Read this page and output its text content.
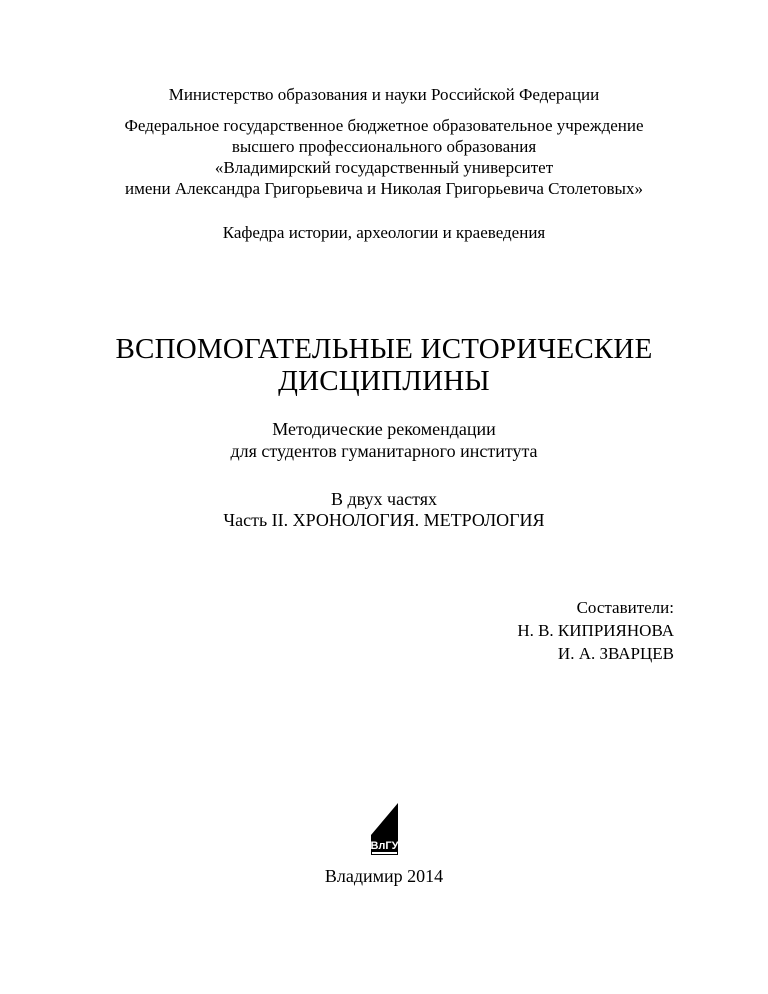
Министерство образования и науки Российской Федерации
Федеральное государственное бюджетное образовательное учреждение
высшего профессионального образования
«Владимирский государственный университет
имени Александра Григорьевича и Николая Григорьевича Столетовых»
Кафедра истории, археологии и краеведения
ВСПОМОГАТЕЛЬНЫЕ ИСТОРИЧЕСКИЕ
ДИСЦИПЛИНЫ
Методические рекомендации
для студентов гуманитарного института
В двух частях
Часть II. ХРОНОЛОГИЯ. МЕТРОЛОГИЯ
Составители:
Н. В. КИПРИЯНОВА
И. А. ЗВАРЦЕВ
ВлГУ
Владимир 2014
